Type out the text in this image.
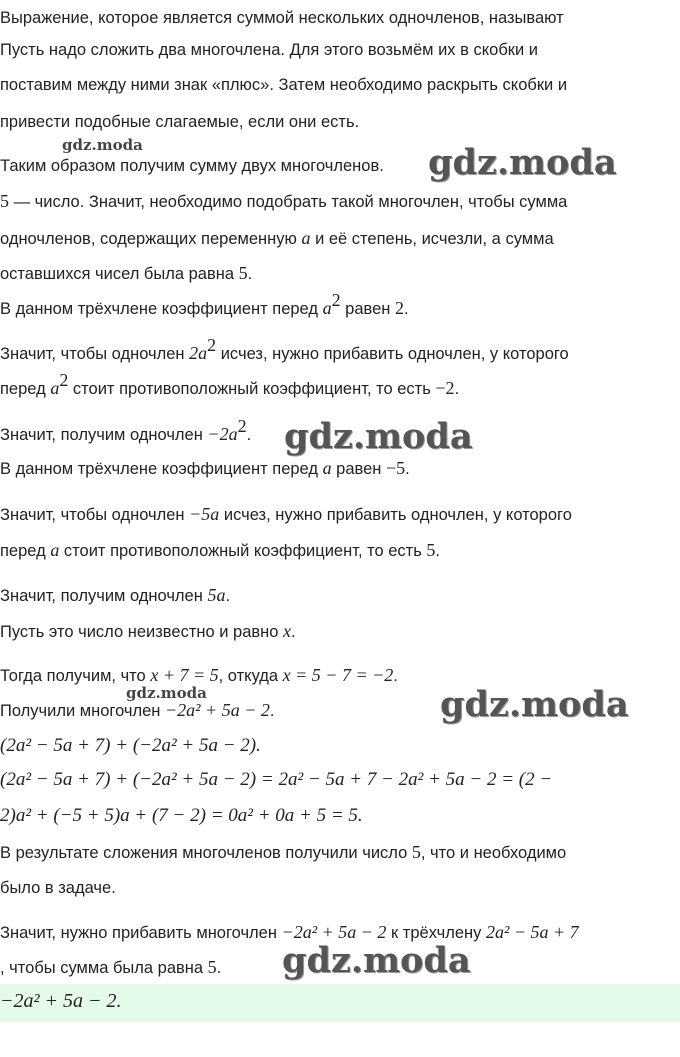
Выражение, которое является суммой нескольких одночленов, называют
Пусть надо сложить два многочлена. Для этого возьмём их в скобки и
поставим между ними знак «плюс». Затем необходимо раскрыть скобки и
привести подобные слагаемые, если они есть.
Таким образом получим сумму двух многочленов.
5 — число. Значит, необходимо подобрать такой многочлен, чтобы сумма
одночленов, содержащих переменную a и её степень, исчезли, а сумма
оставшихся чисел была равна 5.
В данном трёхчлене коэффициент перед $a^2$ равен 2.
Значит, чтобы одночлен $2a^2$ исчез, нужно прибавить одночлен, у которого
перед $a^2$ стоит противоположный коэффициент, то есть −2.
Значит, получим одночлен $-2a^2$.
В данном трёхчлене коэффициент перед a равен −5.
Значит, чтобы одночлен −5a исчез, нужно прибавить одночлен, у которого
перед a стоит противоположный коэффициент, то есть 5.
Значит, получим одночлен 5a.
Пусть это число неизвестно и равно x.
Тогда получим, что x + 7 = 5, откуда x = 5 − 7 = −2.
Получили многочлен −2a² + 5a − 2.
(2a² − 5a + 7) + (−2a² + 5a − 2).
(2a² − 5a + 7) + (−2a² + 5a − 2) = 2a² − 5a + 7 − 2a² + 5a − 2 = (2 −
2)a² + (−5 + 5)a + (7 − 2) = 0a² + 0a + 5 = 5.
В результате сложения многочленов получили число 5, что и необходимо
было в задаче.
Значит, нужно прибавить многочлен −2a² + 5a − 2 к трёхчлену 2a² − 5a + 7
, чтобы сумма была равна 5.
−2a² + 5a − 2.
gdz.moda	gdz.moda
gdz.moda
gdz.moda	gdz.moda
gdz.moda
